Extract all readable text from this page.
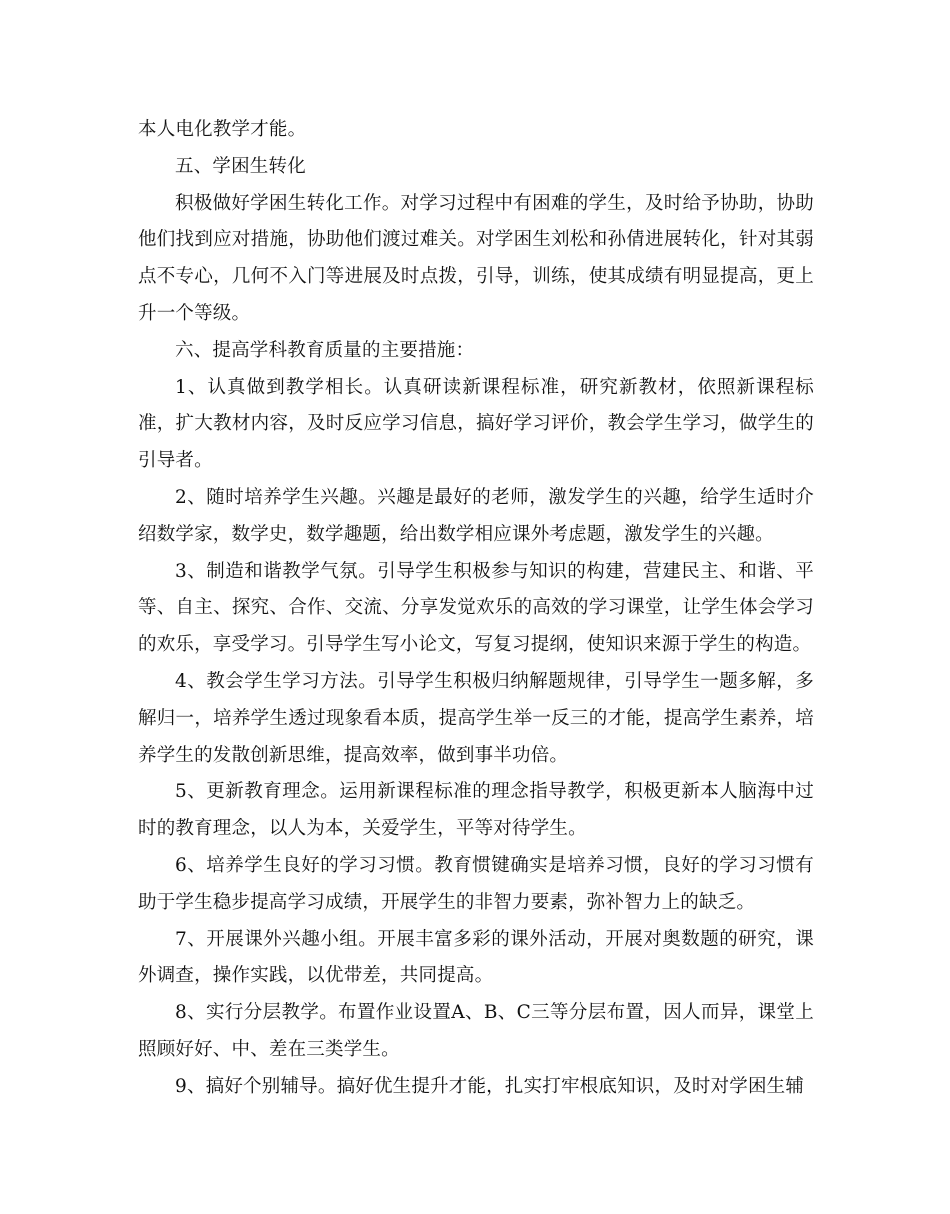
本人电化教学才能。

五、学困生转化

积极做好学困生转化工作。对学习过程中有困难的学生，及时给予协助，协助他们找到应对措施，协助他们渡过难关。对学困生刘松和孙倩进展转化，针对其弱点不专心，几何不入门等进展及时点拨，引导，训练，使其成绩有明显提高，更上升一个等级。

六、提高学科教育质量的主要措施：

1、认真做到教学相长。认真研读新课程标准，研究新教材，依照新课程标准，扩大教材内容，及时反应学习信息，搞好学习评价，教会学生学习，做学生的引导者。

2、随时培养学生兴趣。兴趣是最好的老师，激发学生的兴趣，给学生适时介绍数学家，数学史，数学趣题，给出数学相应课外考虑题，激发学生的兴趣。

3、制造和谐教学气氛。引导学生积极参与知识的构建，营建民主、和谐、平等、自主、探究、合作、交流、分享发觉欢乐的高效的学习课堂，让学生体会学习的欢乐，享受学习。引导学生写小论文，写复习提纲，使知识来源于学生的构造。

4、教会学生学习方法。引导学生积极归纳解题规律，引导学生一题多解，多解归一，培养学生透过现象看本质，提高学生举一反三的才能，提高学生素养，培养学生的发散创新思维，提高效率，做到事半功倍。

5、更新教育理念。运用新课程标准的理念指导教学，积极更新本人脑海中过时的教育理念，以人为本，关爱学生，平等对待学生。

6、培养学生良好的学习习惯。教育惯键确实是培养习惯，良好的学习习惯有助于学生稳步提高学习成绩，开展学生的非智力要素，弥补智力上的缺乏。

7、开展课外兴趣小组。开展丰富多彩的课外活动，开展对奥数题的研究，课外调查，操作实践，以优带差，共同提高。

8、实行分层教学。布置作业设置A、B、C三等分层布置，因人而异，课堂上照顾好好、中、差在三类学生。

9、搞好个别辅导。搞好优生提升才能，扎实打牢根底知识，及时对学困生辅
